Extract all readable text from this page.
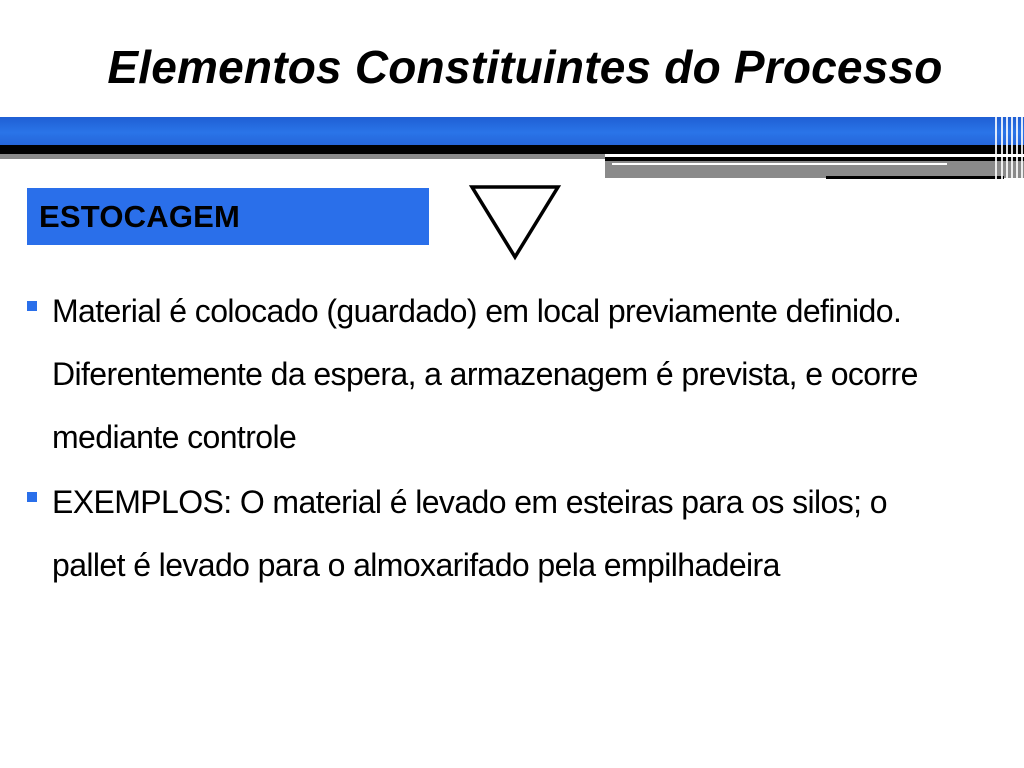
Elementos Constituintes do Processo
ESTOCAGEM
Material é colocado (guardado) em local previamente definido. Diferentemente da espera, a armazenagem é prevista, e ocorre mediante controle
EXEMPLOS: O material é levado em esteiras para os silos; o pallet é levado para o almoxarifado pela empilhadeira
